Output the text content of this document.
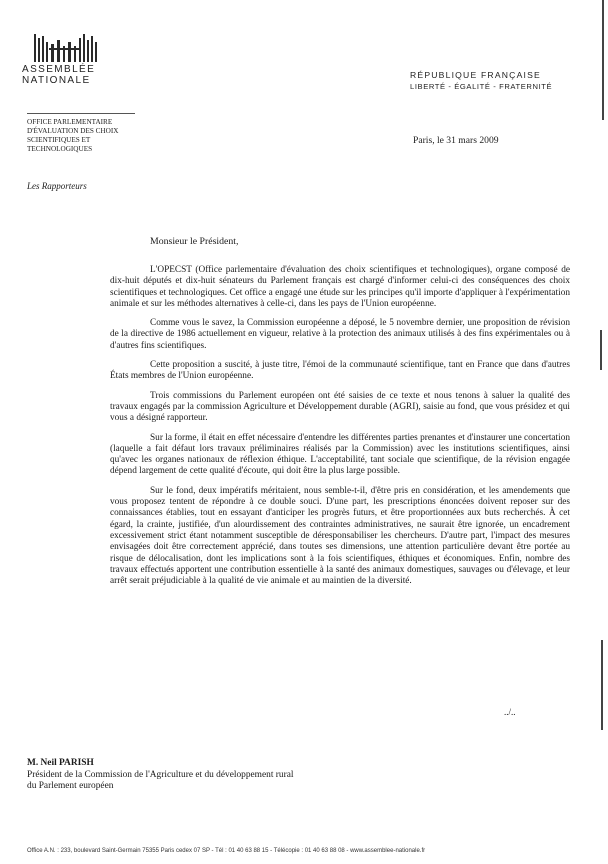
ASSEMBLÉE
NATIONALE	RÉPUBLIQUE FRANÇAISE
LIBERTÉ - ÉGALITÉ - FRATERNITÉ
OFFICE PARLEMENTAIRE
D'ÉVALUATION DES CHOIX
SCIENTIFIQUES ET
TECHNOLOGIQUES
Les Rapporteurs
Paris, le 31 mars 2009
Monsieur le Président,

L'OPECST (Office parlementaire d'évaluation des choix scientifiques et technologiques), organe composé de dix-huit députés et dix-huit sénateurs du Parlement français est chargé d'informer celui-ci des conséquences des choix scientifiques et technologiques. Cet office a engagé une étude sur les principes qu'il importe d'appliquer à l'expérimentation animale et sur les méthodes alternatives à celle-ci, dans les pays de l'Union européenne.

Comme vous le savez, la Commission européenne a déposé, le 5 novembre dernier, une proposition de révision de la directive de 1986 actuellement en vigueur, relative à la protection des animaux utilisés à des fins expérimentales ou à d'autres fins scientifiques.

Cette proposition a suscité, à juste titre, l'émoi de la communauté scientifique, tant en France que dans d'autres États membres de l'Union européenne.

Trois commissions du Parlement européen ont été saisies de ce texte et nous tenons à saluer la qualité des travaux engagés par la commission Agriculture et Développement durable (AGRI), saisie au fond, que vous présidez et qui vous a désigné rapporteur.

Sur la forme, il était en effet nécessaire d'entendre les différentes parties prenantes et d'instaurer une concertation (laquelle a fait défaut lors travaux préliminaires réalisés par la Commission) avec les institutions scientifiques, ainsi qu'avec les organes nationaux de réflexion éthique. L'acceptabilité, tant sociale que scientifique, de la révision engagée dépend largement de cette qualité d'écoute, qui doit être la plus large possible.

Sur le fond, deux impératifs méritaient, nous semble-t-il, d'être pris en considération, et les amendements que vous proposez tentent de répondre à ce double souci. D'une part, les prescriptions énoncées doivent reposer sur des connaissances établies, tout en essayant d'anticiper les progrès futurs, et être proportionnées aux buts recherchés. À cet égard, la crainte, justifiée, d'un alourdissement des contraintes administratives, ne saurait être ignorée, un encadrement excessivement strict étant notamment susceptible de déresponsabiliser les chercheurs. D'autre part, l'impact des mesures envisagées doit être correctement apprécié, dans toutes ses dimensions, une attention particulière devant être portée au risque de délocalisation, dont les implications sont à la fois scientifiques, éthiques et économiques. Enfin, nombre des travaux effectués apportent une contribution essentielle à la santé des animaux domestiques, sauvages ou d'élevage, et leur arrêt serait préjudiciable à la qualité de vie animale et au maintien de la diversité.

../..
M. Neil PARISH
Président de la Commission de l'Agriculture et du développement rural
du Parlement européen
Office A.N. : 233, boulevard Saint-Germain 75355 Paris cedex 07 SP - Tél : 01 40 63 88 15 - Télécopie : 01 40 63 88 08 - www.assemblee-nationale.fr
